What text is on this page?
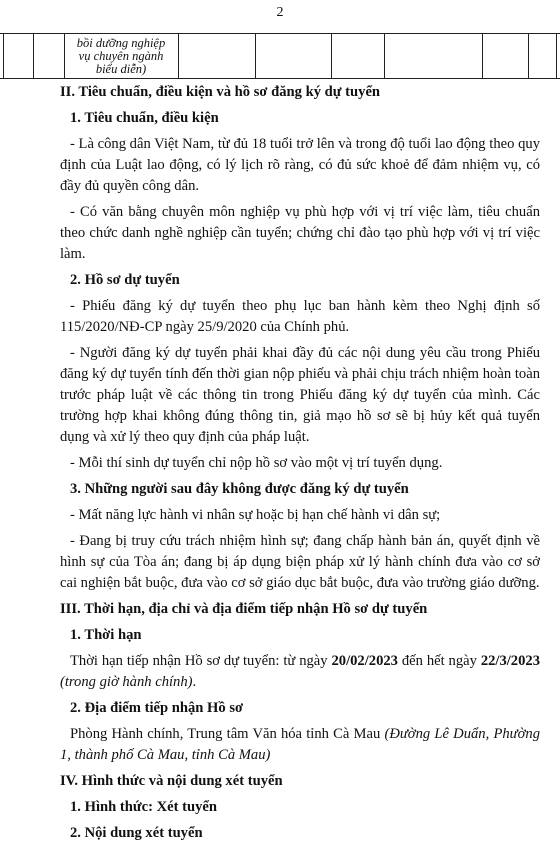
2
bồi dưỡng nghiệp
vụ chuyên ngành
biểu diễn)

II. Tiêu chuẩn, điều kiện và hồ sơ đăng ký dự tuyển

1. Tiêu chuẩn, điều kiện

- Là công dân Việt Nam, từ đủ 18 tuổi trở lên và trong độ tuổi lao động theo quy định của Luật lao động, có lý lịch rõ ràng, có đủ sức khoẻ để đảm nhiệm vụ, có đầy đủ quyền công dân.

- Có văn bằng chuyên môn nghiệp vụ phù hợp với vị trí việc làm, tiêu chuẩn theo chức danh nghề nghiệp cần tuyển; chứng chỉ đào tạo phù hợp với vị trí việc làm.

2. Hồ sơ dự tuyển

- Phiếu đăng ký dự tuyển theo phụ lục ban hành kèm theo Nghị định số 115/2020/NĐ-CP ngày 25/9/2020 của Chính phủ.

- Người đăng ký dự tuyển phải khai đầy đủ các nội dung yêu cầu trong Phiếu đăng ký dự tuyển tính đến thời gian nộp phiếu và phải chịu trách nhiệm hoàn toàn trước pháp luật về các thông tin trong Phiếu đăng ký dự tuyển của mình. Các trường hợp khai không đúng thông tin, giả mạo hồ sơ sẽ bị hủy kết quả tuyển dụng và xử lý theo quy định của pháp luật.

- Mỗi thí sinh dự tuyển chỉ nộp hồ sơ vào một vị trí tuyển dụng.

3. Những người sau đây không được đăng ký dự tuyển

- Mất năng lực hành vi nhân sự hoặc bị hạn chế hành vi dân sự;

- Đang bị truy cứu trách nhiệm hình sự; đang chấp hành bản án, quyết định về hình sự của Tòa án; đang bị áp dụng biện pháp xử lý hành chính đưa vào cơ sở cai nghiện bắt buộc, đưa vào cơ sở giáo dục bắt buộc, đưa vào trường giáo dưỡng.

III. Thời hạn, địa chỉ và địa điểm tiếp nhận Hồ sơ dự tuyển

1. Thời hạn

Thời hạn tiếp nhận Hồ sơ dự tuyển: từ ngày 20/02/2023 đến hết ngày 22/3/2023 (trong giờ hành chính).

2. Địa điểm tiếp nhận Hồ sơ

Phòng Hành chính, Trung tâm Văn hóa tỉnh Cà Mau (Đường Lê Duẩn, Phường 1, thành phố Cà Mau, tỉnh Cà Mau)

IV. Hình thức và nội dung xét tuyển

1. Hình thức: Xét tuyển

2. Nội dung xét tuyển
